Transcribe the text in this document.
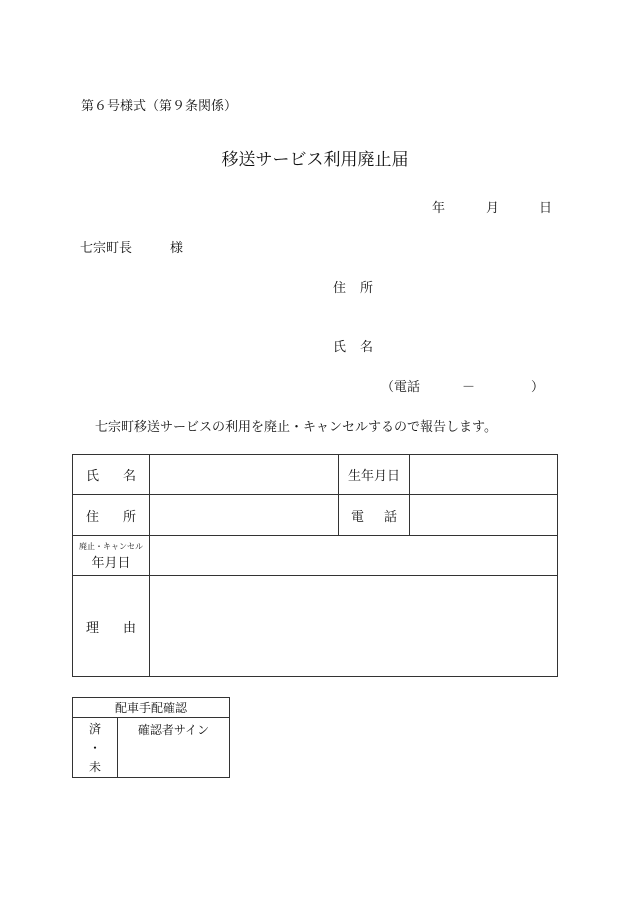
第６号様式（第９条関係）
移送サービス利用廃止届
年	月	日
七宗町長	様
住 所
氏 名
（電話	－	）
七宗町移送サービスの利用を廃止・キャンセルするので報告します。
氏名		生年月日	
住所		電話	

廃止・キャンセル
年月日			

理由			
配車手配確認

済
・
未
	確認者サイン
